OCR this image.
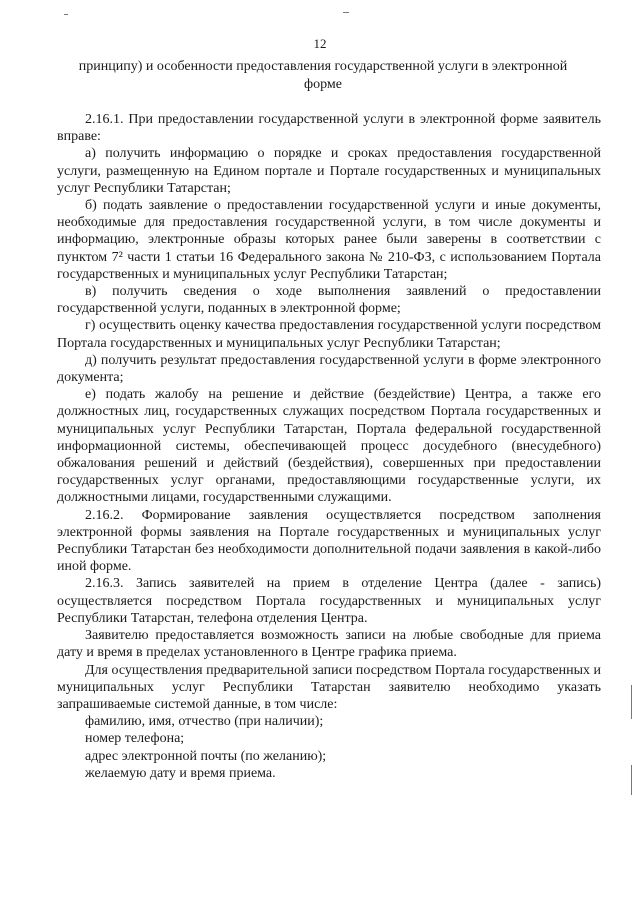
12
принципу) и особенности предоставления государственной услуги в электронной форме

2.16.1. При предоставлении государственной услуги в электронной форме заявитель вправе:

а) получить информацию о порядке и сроках предоставления государственной услуги, размещенную на Едином портале и Портале государственных и муниципальных услуг Республики Татарстан;

б) подать заявление о предоставлении государственной услуги и иные документы, необходимые для предоставления государственной услуги, в том числе документы и информацию, электронные образы которых ранее были заверены в соответствии с пунктом 7² части 1 статьи 16 Федерального закона № 210-ФЗ, с использованием Портала государственных и муниципальных услуг Республики Татарстан;

в) получить сведения о ходе выполнения заявлений о предоставлении государственной услуги, поданных в электронной форме;

г) осуществить оценку качества предоставления государственной услуги посредством Портала государственных и муниципальных услуг Республики Татарстан;

д) получить результат предоставления государственной услуги в форме электронного документа;

е) подать жалобу на решение и действие (бездействие) Центра, а также его должностных лиц, государственных служащих посредством Портала государственных и муниципальных услуг Республики Татарстан, Портала федеральной государственной информационной системы, обеспечивающей процесс досудебного (внесудебного) обжалования решений и действий (бездействия), совершенных при предоставлении государственных услуг органами, предоставляющими государственные услуги, их должностными лицами, государственными служащими.

2.16.2. Формирование заявления осуществляется посредством заполнения электронной формы заявления на Портале государственных и муниципальных услуг Республики Татарстан без необходимости дополнительной подачи заявления в какой-либо иной форме.

2.16.3. Запись заявителей на прием в отделение Центра (далее - запись) осуществляется посредством Портала государственных и муниципальных услуг Республики Татарстан, телефона отделения Центра.

Заявителю предоставляется возможность записи на любые свободные для приема дату и время в пределах установленного в Центре графика приема.

Для осуществления предварительной записи посредством Портала государственных и муниципальных услуг Республики Татарстан заявителю необходимо указать запрашиваемые системой данные, в том числе:

фамилию, имя, отчество (при наличии);

номер телефона;

адрес электронной почты (по желанию);

желаемую дату и время приема.
